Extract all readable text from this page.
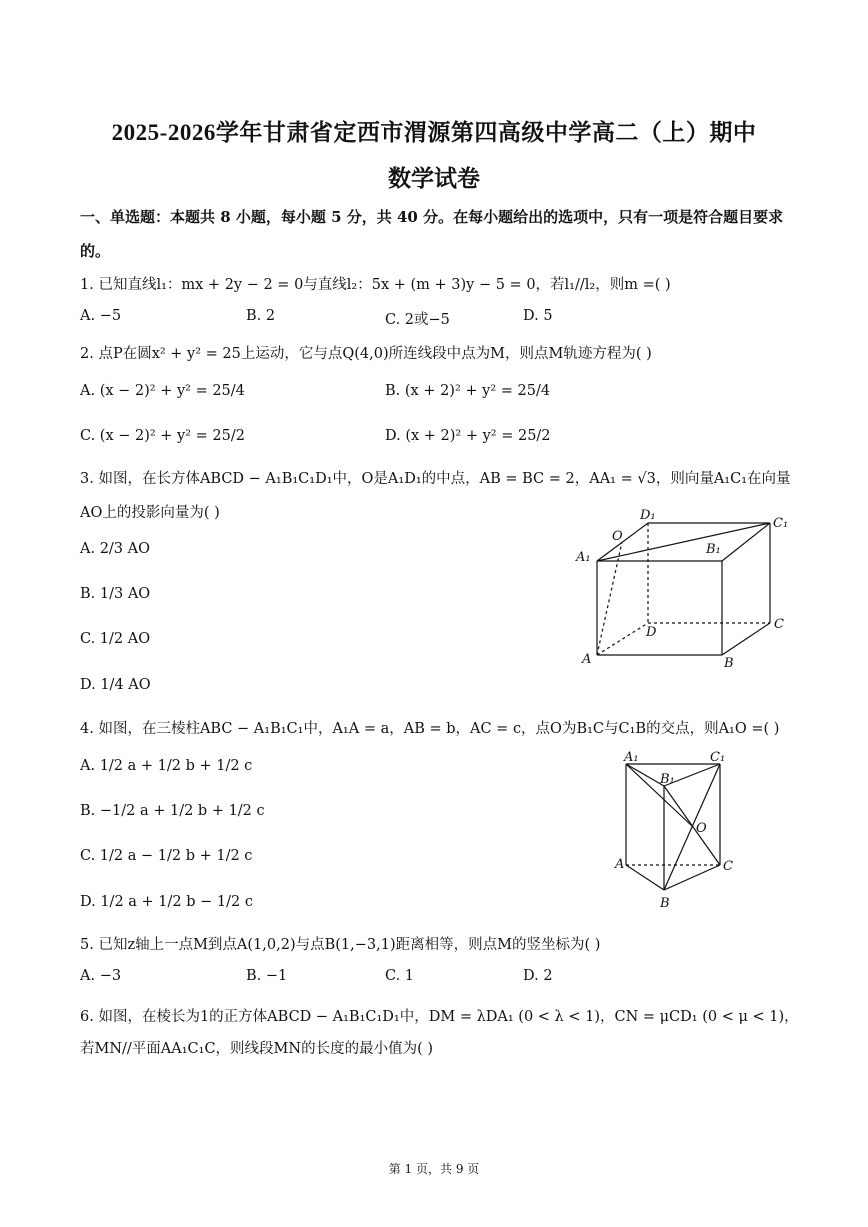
2025-2026学年甘肃省定西市渭源第四高级中学高二（上）期中
数学试卷
一、单选题：本题共 8 小题，每小题 5 分，共 40 分。在每小题给出的选项中，只有一项是符合题目要求
的。
1. 已知直线l₁：mx + 2y − 2 = 0与直线l₂：5x + (m + 3)y − 5 = 0，若l₁//l₂，则m =( )
A. −5	B. 2	C. 2或−5	D. 5
2. 点P在圆x² + y² = 25上运动，它与点Q(4,0)所连线段中点为M，则点M轨迹方程为( )
A. (x − 2)² + y² = 25/4	B. (x + 2)² + y² = 25/4
C. (x − 2)² + y² = 25/2	D. (x + 2)² + y² = 25/2
3. 如图，在长方体ABCD − A₁B₁C₁D₁中，O是A₁D₁的中点，AB = BC = 2，AA₁ = √3，则向量A₁C₁在向量
AO上的投影向量为( )
A. 2/3 AO
B. 1/3 AO
C. 1/2 AO
D. 1/4 AO
D₁
C₁
O
B₁
A₁
D
C
A	B
4. 如图，在三棱柱ABC − A₁B₁C₁中，A₁A = a，AB = b，AC = c，点O为B₁C与C₁B的交点，则A₁O =( )
A. 1/2 a + 1/2 b + 1/2 c
B. −1/2 a + 1/2 b + 1/2 c
C. 1/2 a − 1/2 b + 1/2 c
D. 1/2 a + 1/2 b − 1/2 c
A₁	C₁
B₁
O
A	C
B
5. 已知z轴上一点M到点A(1,0,2)与点B(1,−3,1)距离相等，则点M的竖坐标为( )
A. −3	B. −1	C. 1	D. 2
6. 如图，在棱长为1的正方体ABCD − A₁B₁C₁D₁中，DM = λDA₁ (0 < λ < 1)，CN = μCD₁ (0 < μ < 1)，
若MN//平面AA₁C₁C，则线段MN的长度的最小值为( )
第 1 页，共 9 页
